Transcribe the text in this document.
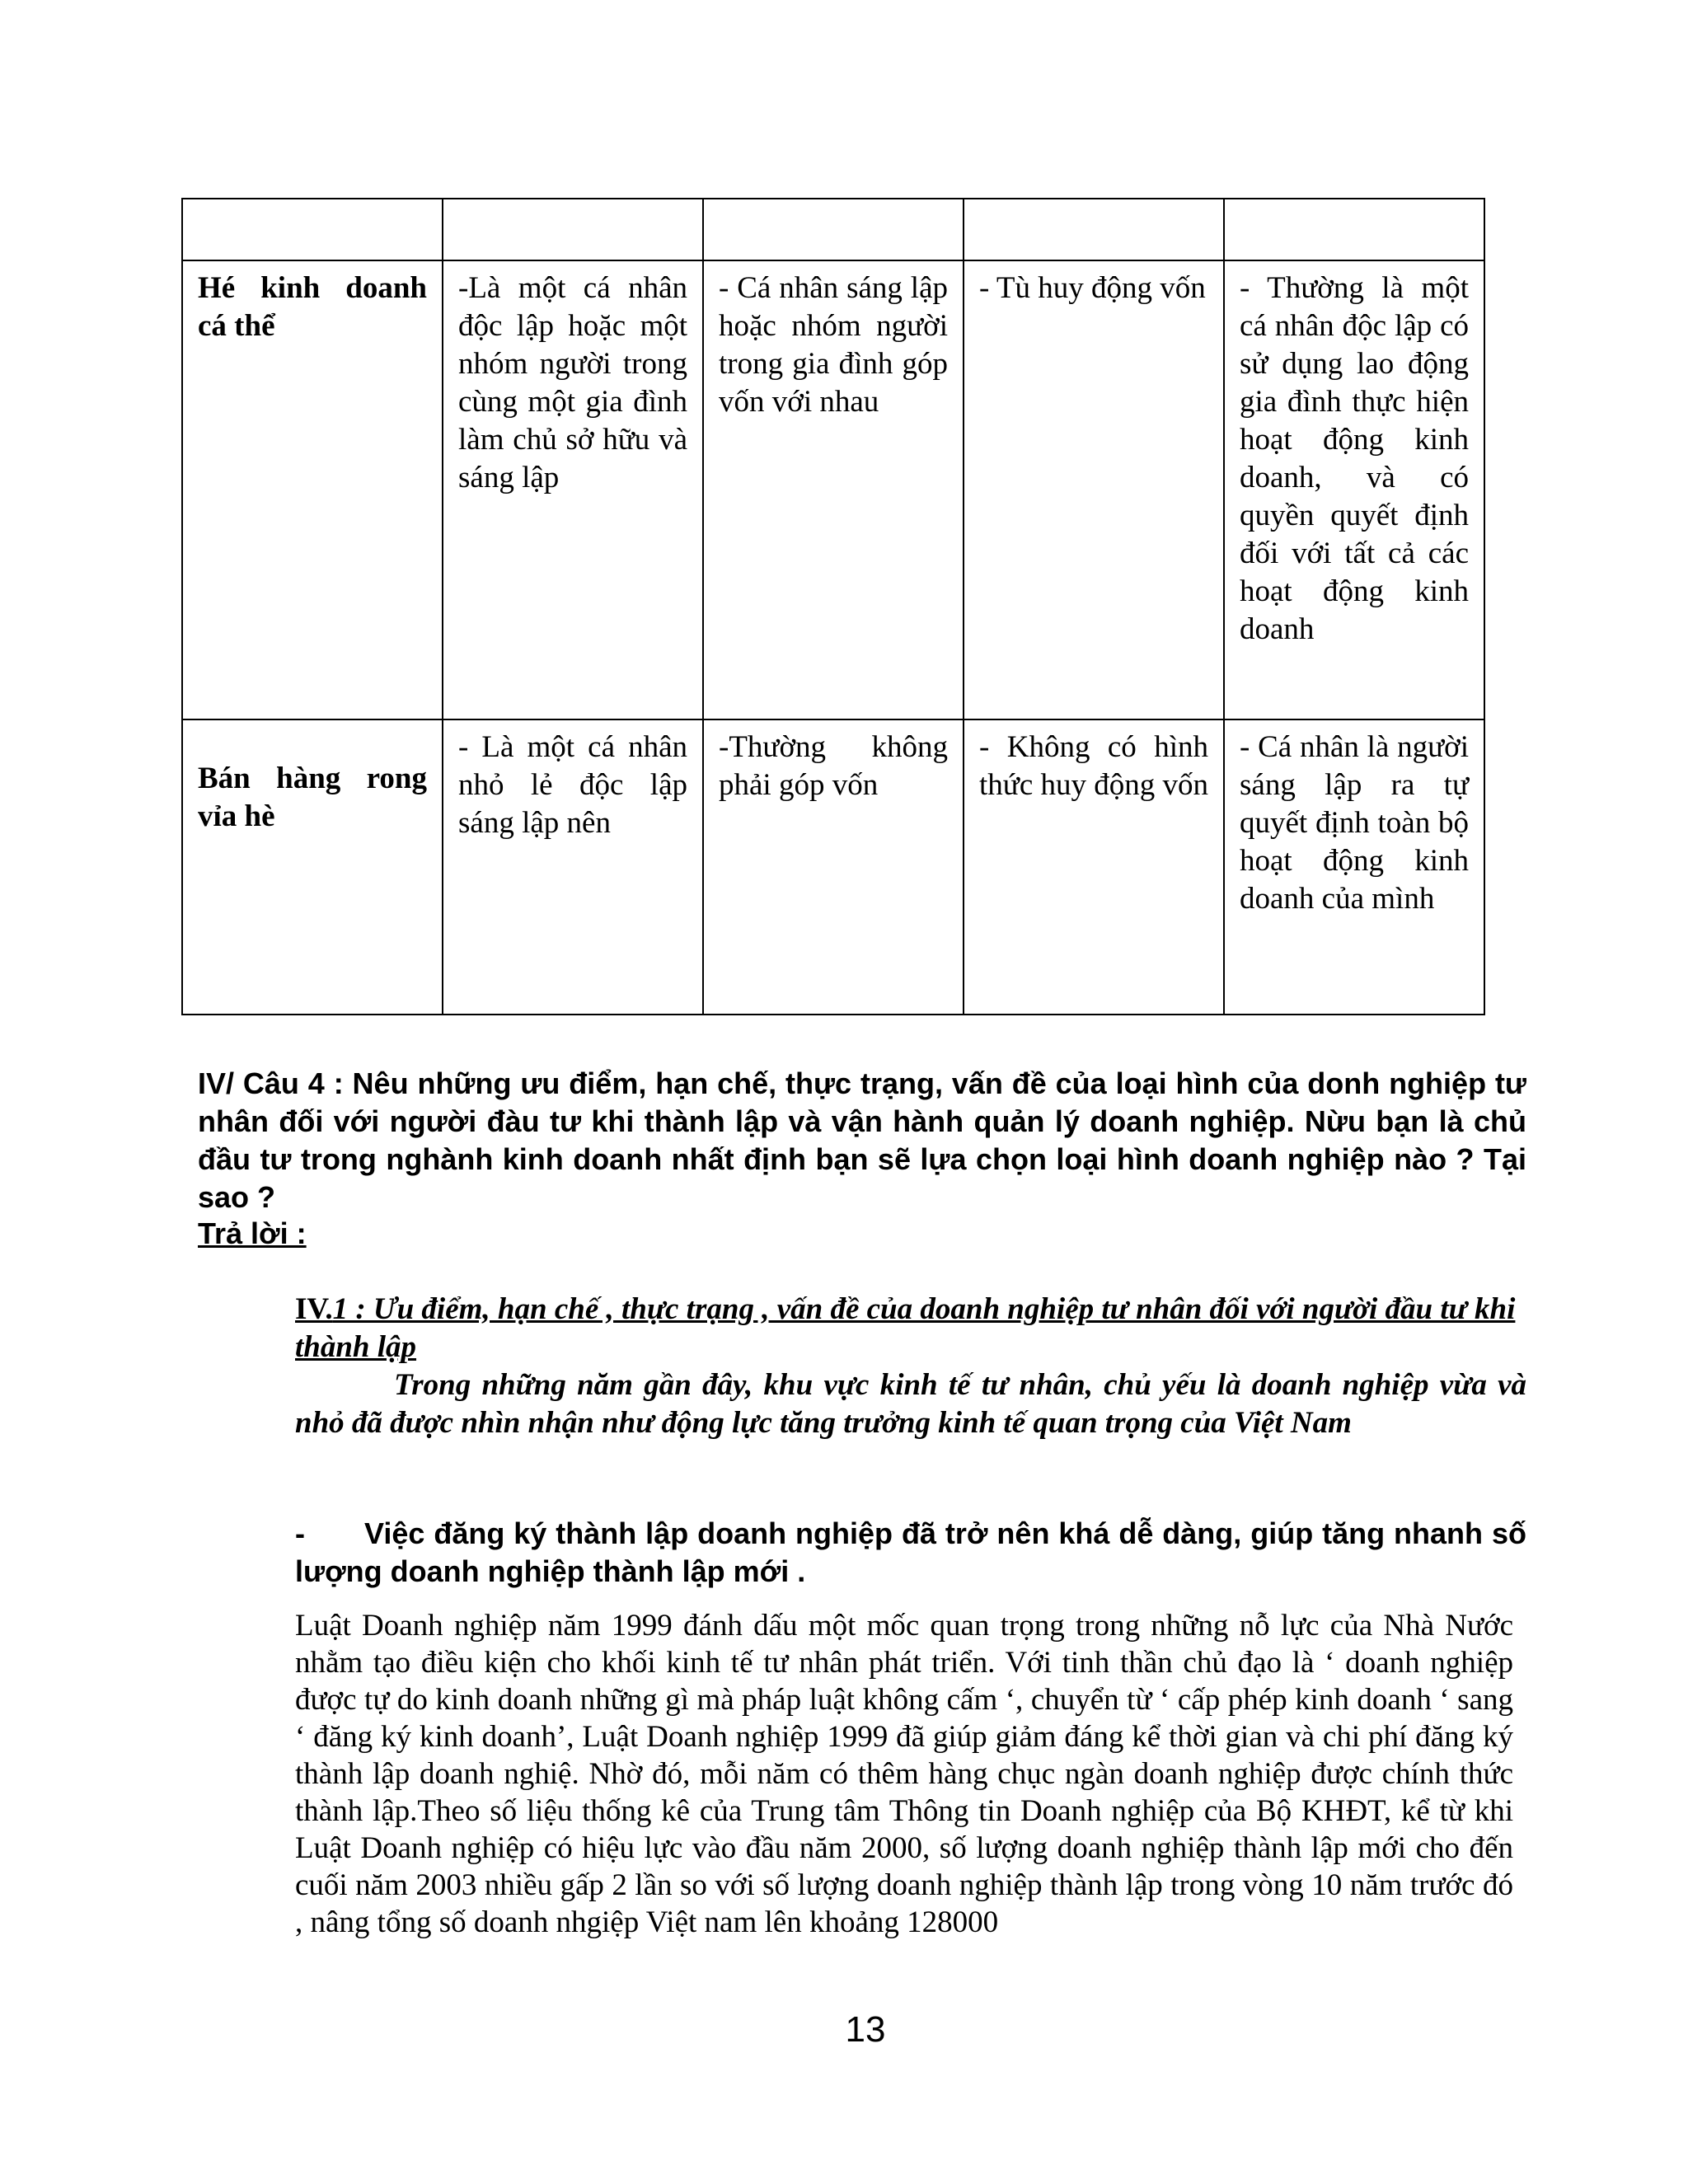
Hé kinh doanh cá thể	-Là một cá nhân độc lập hoặc một nhóm người trong cùng một gia đình làm chủ sở hữu và sáng lập	- Cá nhân sáng lập hoặc nhóm người trong gia đình góp vốn với nhau	- Tù huy động vốn	- Thường là một cá nhân độc lập có sử dụng lao động gia đình thực hiện hoạt động kinh doanh, và có quyền quyết định đối với tất cả các hoạt động kinh doanh
Bán hàng rong vỉa hè	- Là một cá nhân nhỏ lẻ độc lập sáng lập nên	-Thường không phải góp vốn	- Không có hình thức huy động vốn	- Cá nhân là người sáng lập ra tự quyết định toàn bộ hoạt động kinh doanh của mình
IV/ Câu 4 : Nêu những ưu điểm, hạn chế, thực trạng, vấn đề của loại hình của donh nghiệp tư nhân đối với người đàu tư khi thành lập và vận hành quản lý doanh nghiệp. Nừu bạn là chủ đầu tư trong nghành kinh doanh nhất định bạn sẽ lựa chọn loại hình doanh nghiệp nào ? Tại sao ?
Trả lời :
IV.1 : Ưu điểm, hạn chế , thực trạng , vấn đề của doanh nghiệp tư nhân đối với người đầu tư khi thành lập
Trong những năm gần đây, khu vực kinh tế tư nhân, chủ yếu là doanh nghiệp vừa và nhỏ đã được nhìn nhận như động lực tăng trưởng kinh tế quan trọng của Việt Nam
- Việc đăng ký thành lập doanh nghiệp đã trở nên khá dễ dàng, giúp tăng nhanh số lượng doanh nghiệp thành lập mới .
Luật Doanh nghiệp năm 1999 đánh dấu một mốc quan trọng trong những nỗ lực của Nhà Nước nhằm tạo điều kiện cho khối kinh tế tư nhân phát triển. Với tinh thần chủ đạo là ‘ doanh nghiệp được tự do kinh doanh những gì mà pháp luật không cấm ‘, chuyển từ ‘ cấp phép kinh doanh ‘ sang ‘ đăng ký kinh doanh’, Luật Doanh nghiệp 1999 đã giúp giảm đáng kể thời gian và chi phí đăng ký thành lập doanh nghiệ. Nhờ đó, mỗi năm có thêm hàng chục ngàn doanh nghiệp được chính thức thành lập.Theo số liệu thống kê của Trung tâm Thông tin Doanh nghiệp của Bộ KHĐT, kể từ khi Luật Doanh nghiệp có hiệu lực vào đầu năm 2000, số lượng doanh nghiệp thành lập mới cho đến cuối năm 2003 nhiều gấp 2 lần so với số lượng doanh nghiệp thành lập trong vòng 10 năm trước đó , nâng tổng số doanh nhgiệp Việt nam lên khoảng 128000
13
